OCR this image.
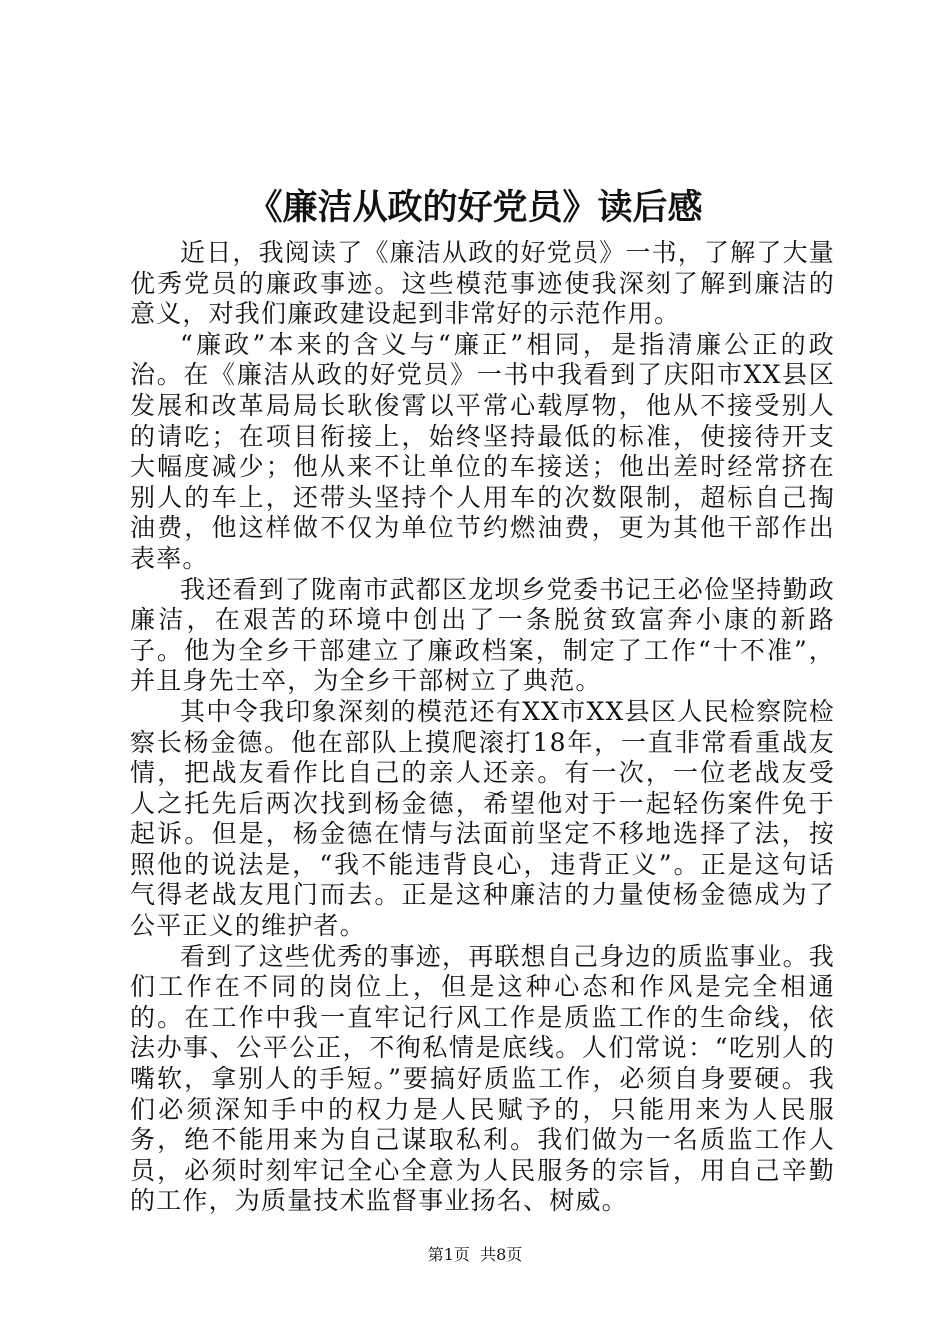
《廉洁从政的好党员》读后感

近日，我阅读了《廉洁从政的好党员》一书，了解了大量优秀党员的廉政事迹。这些模范事迹使我深刻了解到廉洁的意义，对我们廉政建设起到非常好的示范作用。

“廉政”本来的含义与“廉正”相同，是指清廉公正的政治。在《廉洁从政的好党员》一书中我看到了庆阳市XX县区发展和改革局局长耿俊霄以平常心载厚物，他从不接受别人的请吃；在项目衔接上，始终坚持最低的标准，使接待开支大幅度减少；他从来不让单位的车接送；他出差时经常挤在别人的车上，还带头坚持个人用车的次数限制，超标自己掏油费，他这样做不仅为单位节约燃油费，更为其他干部作出表率。

我还看到了陇南市武都区龙坝乡党委书记王必俭坚持勤政廉洁，在艰苦的环境中创出了一条脱贫致富奔小康的新路子。他为全乡干部建立了廉政档案，制定了工作“十不准”，并且身先士卒，为全乡干部树立了典范。

其中令我印象深刻的模范还有XX市XX县区人民检察院检察长杨金德。他在部队上摸爬滚打18年，一直非常看重战友情，把战友看作比自己的亲人还亲。有一次，一位老战友受人之托先后两次找到杨金德，希望他对于一起轻伤案件免于起诉。但是，杨金德在情与法面前坚定不移地选择了法，按照他的说法是，“我不能违背良心，违背正义”。正是这句话气得老战友甩门而去。正是这种廉洁的力量使杨金德成为了公平正义的维护者。

看到了这些优秀的事迹，再联想自己身边的质监事业。我们工作在不同的岗位上，但是这种心态和作风是完全相通的。在工作中我一直牢记行风工作是质监工作的生命线，依法办事、公平公正，不徇私情是底线。人们常说：“吃别人的嘴软，拿别人的手短。”要搞好质监工作，必须自身要硬。我们必须深知手中的权力是人民赋予的，只能用来为人民服务，绝不能用来为自己谋取私利。我们做为一名质监工作人员，必须时刻牢记全心全意为人民服务的宗旨，用自己辛勤的工作，为质量技术监督事业扬名、树威。

第1页 共8页
